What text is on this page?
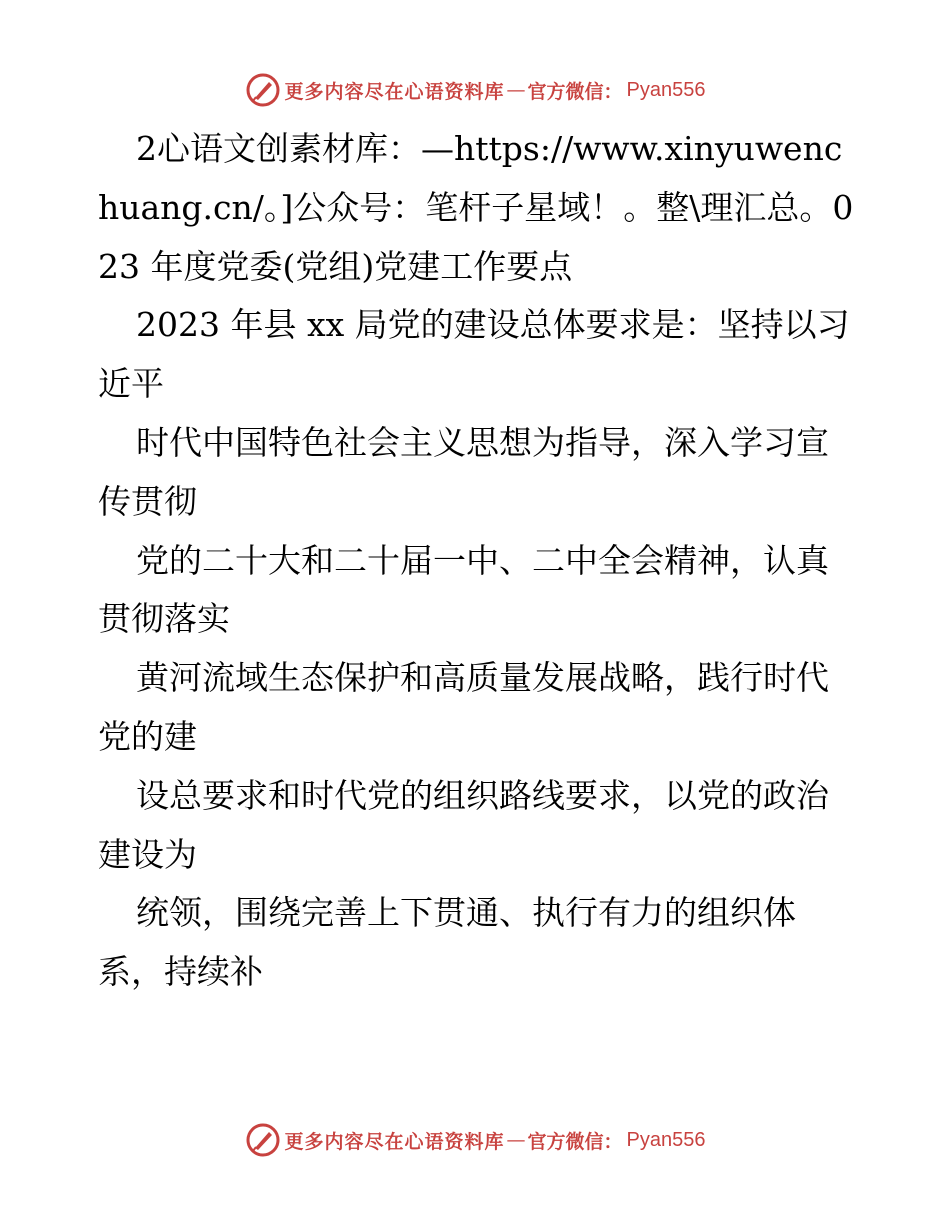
更多内容尽在心语资料库 — 官方微信： Pyan556

2心语文创素材库：—https://www.xinyuwenchuang.cn/。]公众号：笔杆子星域！。整\理汇总。023 年度党委(党组)党建工作要点

2023 年县 xx 局党的建设总体要求是：坚持以习近平

时代中国特色社会主义思想为指导，深入学习宣传贯彻

党的二十大和二十届一中、二中全会精神，认真贯彻落实

黄河流域生态保护和高质量发展战略，践行时代党的建

设总要求和时代党的组织路线要求，以党的政治建设为

统领，围绕完善上下贯通、执行有力的组织体系，持续补

更多内容尽在心语资料库 — 官方微信： Pyan556
